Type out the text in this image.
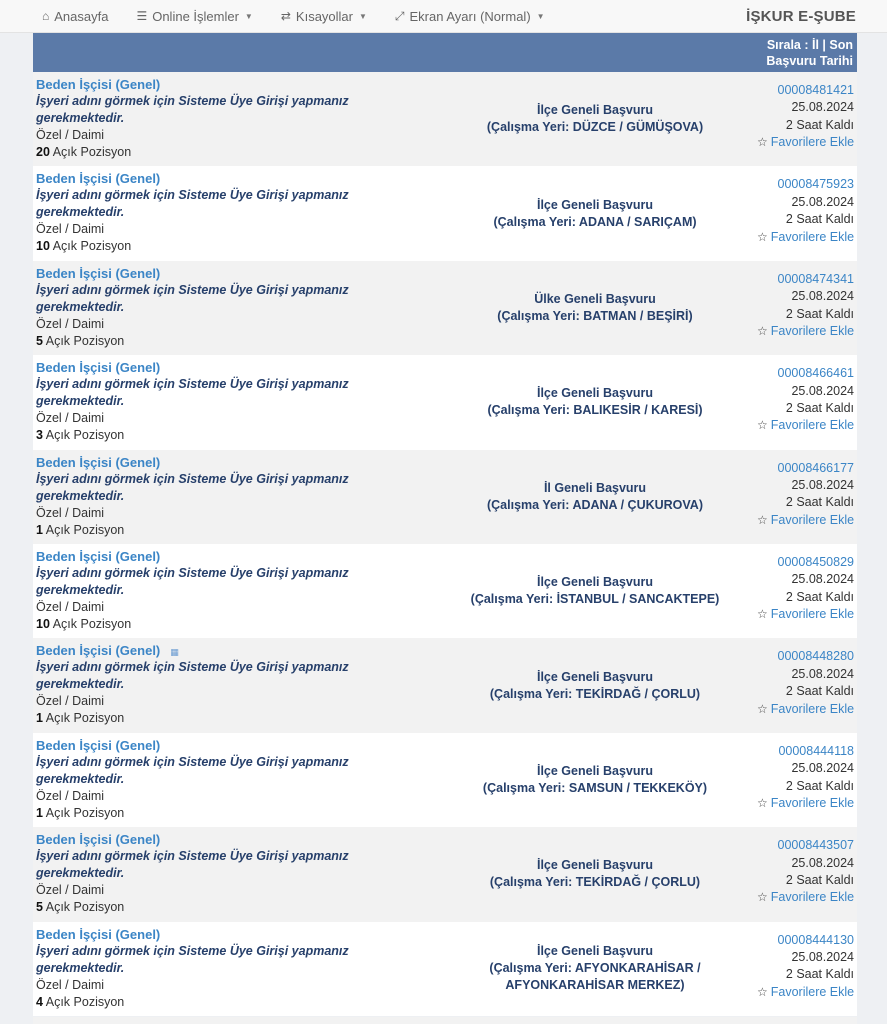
⌂ Anasayfa ☰ Online İşlemler ▼ ⇄ Kısayollar ▼ ⤢ Ekran Ayarı (Normal) ▼	İŞKUR E-ŞUBE
Sırala : İl | Son Başvuru Tarihi
Beden İşçisi (Genel)
İşyeri adını görmek için Sisteme Üye Girişi yapmanız gerekmektedir.
Özel / Daimi
20 Açık Pozisyon
İlçe Geneli Başvuru
(Çalışma Yeri: DÜZCE / GÜMÜŞOVA)
00008481421
25.08.2024
2 Saat Kaldı
☆ Favorilere Ekle
Beden İşçisi (Genel)
İşyeri adını görmek için Sisteme Üye Girişi yapmanız gerekmektedir.
Özel / Daimi
10 Açık Pozisyon
İlçe Geneli Başvuru
(Çalışma Yeri: ADANA / SARIÇAM)
00008475923
25.08.2024
2 Saat Kaldı
☆ Favorilere Ekle
Beden İşçisi (Genel)
İşyeri adını görmek için Sisteme Üye Girişi yapmanız gerekmektedir.
Özel / Daimi
5 Açık Pozisyon
Ülke Geneli Başvuru
(Çalışma Yeri: BATMAN / BEŞİRİ)
00008474341
25.08.2024
2 Saat Kaldı
☆ Favorilere Ekle
Beden İşçisi (Genel)
İşyeri adını görmek için Sisteme Üye Girişi yapmanız gerekmektedir.
Özel / Daimi
3 Açık Pozisyon
İlçe Geneli Başvuru
(Çalışma Yeri: BALIKESİR / KARESİ)
00008466461
25.08.2024
2 Saat Kaldı
☆ Favorilere Ekle
Beden İşçisi (Genel)
İşyeri adını görmek için Sisteme Üye Girişi yapmanız gerekmektedir.
Özel / Daimi
1 Açık Pozisyon
İl Geneli Başvuru
(Çalışma Yeri: ADANA / ÇUKUROVA)
00008466177
25.08.2024
2 Saat Kaldı
☆ Favorilere Ekle
Beden İşçisi (Genel)
İşyeri adını görmek için Sisteme Üye Girişi yapmanız gerekmektedir.
Özel / Daimi
10 Açık Pozisyon
İlçe Geneli Başvuru
(Çalışma Yeri: İSTANBUL / SANCAKTEPE)
00008450829
25.08.2024
2 Saat Kaldı
☆ Favorilere Ekle
Beden İşçisi (Genel) ▦
İşyeri adını görmek için Sisteme Üye Girişi yapmanız gerekmektedir.
Özel / Daimi
1 Açık Pozisyon
İlçe Geneli Başvuru
(Çalışma Yeri: TEKİRDAĞ / ÇORLU)
00008448280
25.08.2024
2 Saat Kaldı
☆ Favorilere Ekle
Beden İşçisi (Genel)
İşyeri adını görmek için Sisteme Üye Girişi yapmanız gerekmektedir.
Özel / Daimi
1 Açık Pozisyon
İlçe Geneli Başvuru
(Çalışma Yeri: SAMSUN / TEKKEKÖY)
00008444118
25.08.2024
2 Saat Kaldı
☆ Favorilere Ekle
Beden İşçisi (Genel)
İşyeri adını görmek için Sisteme Üye Girişi yapmanız gerekmektedir.
Özel / Daimi
5 Açık Pozisyon
İlçe Geneli Başvuru
(Çalışma Yeri: TEKİRDAĞ / ÇORLU)
00008443507
25.08.2024
2 Saat Kaldı
☆ Favorilere Ekle
Beden İşçisi (Genel)
İşyeri adını görmek için Sisteme Üye Girişi yapmanız gerekmektedir.
Özel / Daimi
4 Açık Pozisyon
İlçe Geneli Başvuru
(Çalışma Yeri: AFYONKARAHİSAR / AFYONKARAHİSAR MERKEZ)
00008444130
25.08.2024
2 Saat Kaldı
☆ Favorilere Ekle
